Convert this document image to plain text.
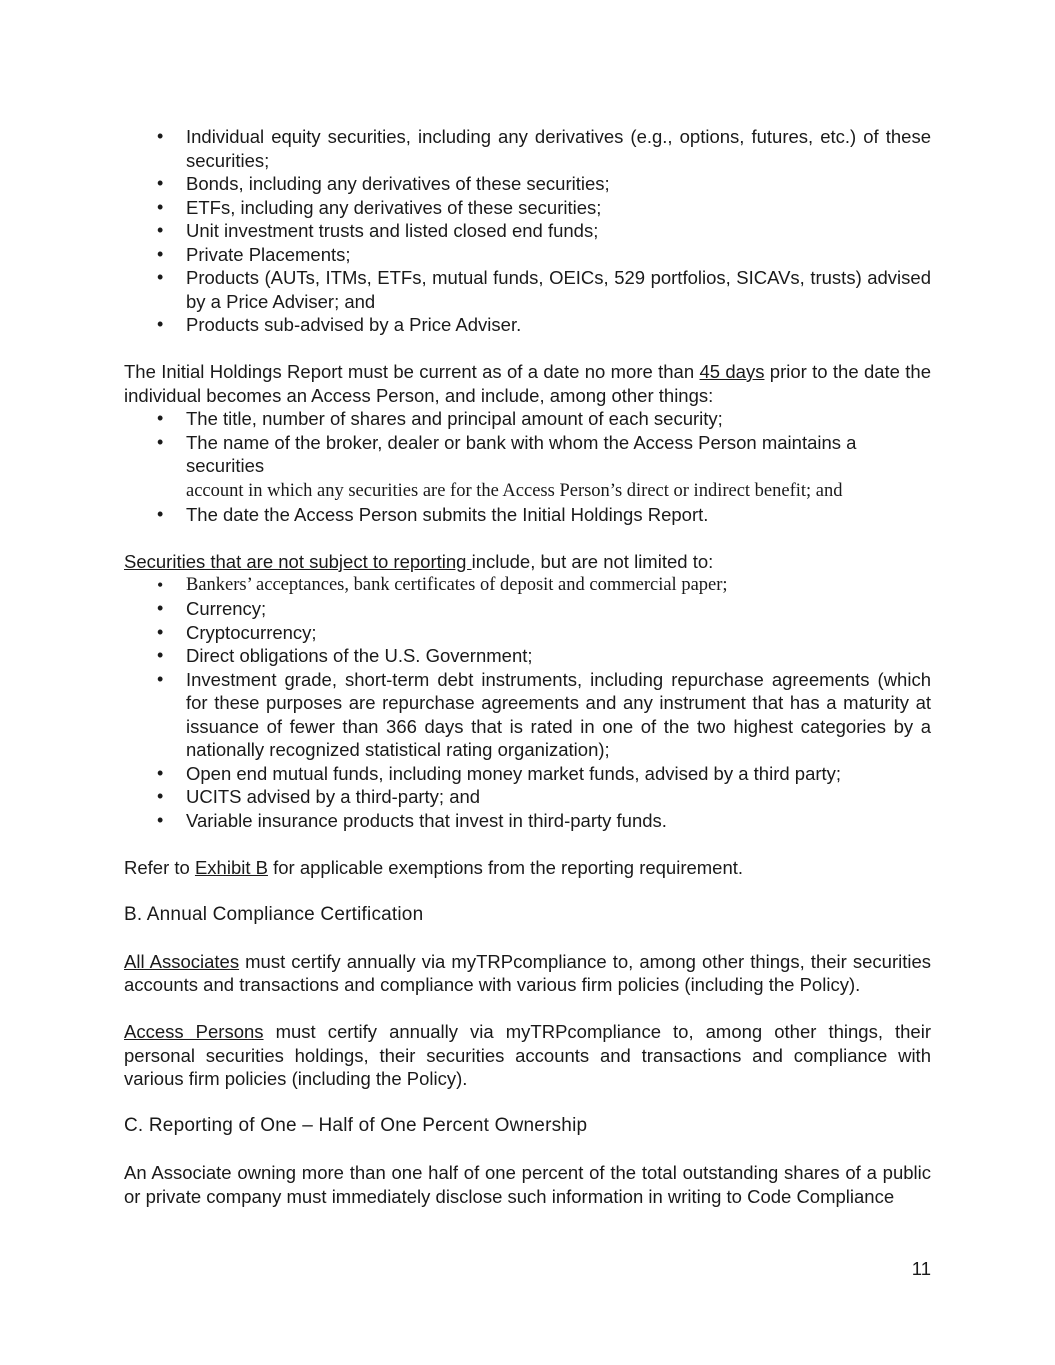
• Individual equity securities, including any derivatives (e.g., options, futures, etc.) of these securities;
• Bonds, including any derivatives of these securities;
• ETFs, including any derivatives of these securities;
• Unit investment trusts and listed closed end funds;
• Private Placements;
• Products (AUTs, ITMs, ETFs, mutual funds, OEICs, 529 portfolios, SICAVs, trusts) advised by a Price Adviser; and
• Products sub-advised by a Price Adviser.

The Initial Holdings Report must be current as of a date no more than 45 days prior to the date the individual becomes an Access Person, and include, among other things:

• The title, number of shares and principal amount of each security;
• The name of the broker, dealer or bank with whom the Access Person maintains a securities
account in which any securities are for the Access Person’s direct or indirect benefit; and
• The date the Access Person submits the Initial Holdings Report.

Securities that are not subject to reporting include, but are not limited to:

• Bankers’ acceptances, bank certificates of deposit and commercial paper;
• Currency;
• Cryptocurrency;
• Direct obligations of the U.S. Government;
• Investment grade, short-term debt instruments, including repurchase agreements (which for these purposes are repurchase agreements and any instrument that has a maturity at issuance of fewer than 366 days that is rated in one of the two highest categories by a nationally recognized statistical rating organization);
• Open end mutual funds, including money market funds, advised by a third party;
• UCITS advised by a third-party; and
• Variable insurance products that invest in third-party funds.

Refer to Exhibit B for applicable exemptions from the reporting requirement.

B. Annual Compliance Certification

All Associates must certify annually via myTRPcompliance to, among other things, their securities accounts and transactions and compliance with various firm policies (including the Policy).

Access Persons must certify annually via myTRPcompliance to, among other things, their personal securities holdings, their securities accounts and transactions and compliance with various firm policies (including the Policy).

C. Reporting of One – Half of One Percent Ownership

An Associate owning more than one half of one percent of the total outstanding shares of a public or private company must immediately disclose such information in writing to Code Compliance

11
